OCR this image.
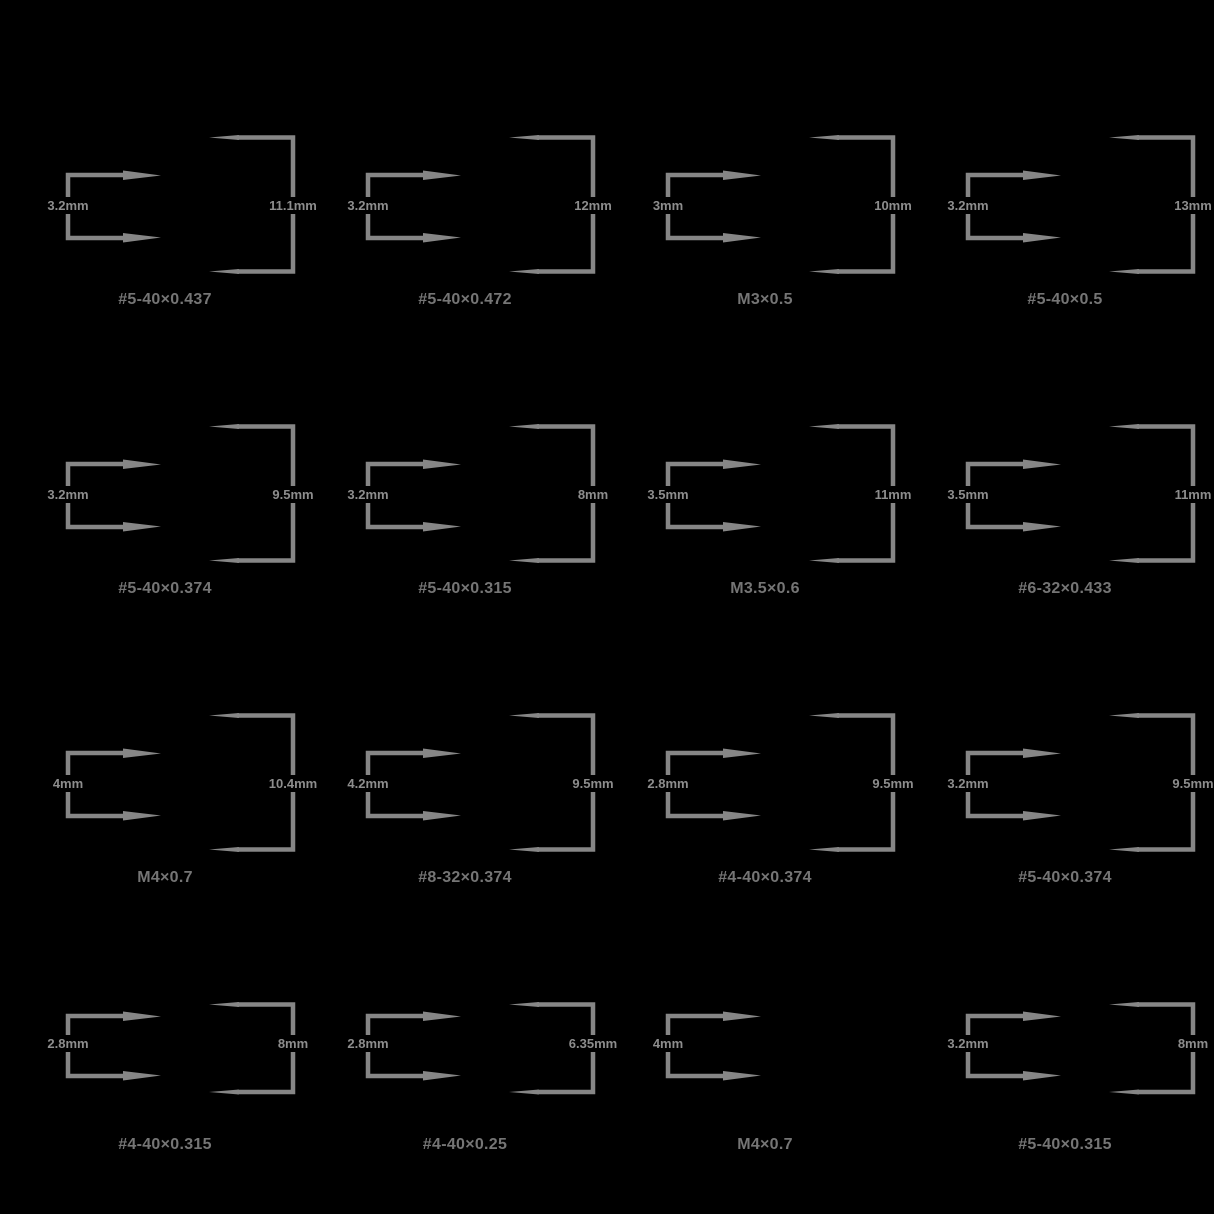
3.2mm	11.1mm
#5-40×0.437
3.2mm	12mm
#5-40×0.472
3mm	10mm
M3×0.5
3.2mm	13mm
#5-40×0.5
3.2mm	9.5mm
#5-40×0.374
3.2mm	8mm
#5-40×0.315
3.5mm	11mm
M3.5×0.6
3.5mm	11mm
#6-32×0.433
4mm	10.4mm
M4×0.7
4.2mm	9.5mm
#8-32×0.374
2.8mm	9.5mm
#4-40×0.374
3.2mm	9.5mm
#5-40×0.374
2.8mm	8mm
#4-40×0.315
2.8mm	6.35mm
#4-40×0.25
4mm
M4×0.7
3.2mm	8mm
#5-40×0.315
